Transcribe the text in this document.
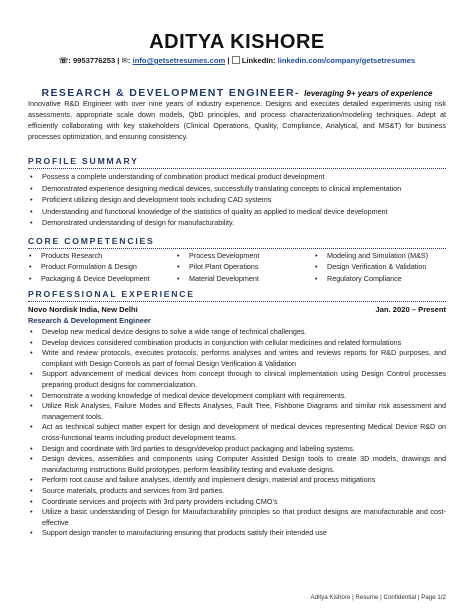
ADITYA KISHORE
☏: 9953776253 | ✉: info@getsetresumes.com | LinkedIn: linkedin.com/company/getsetresumes
RESEARCH & DEVELOPMENT ENGINEER- leveraging 9+ years of experience
Innovative R&D Engineer with over nine years of industry experience. Designs and executes detailed experiments using risk assessments, appropriate scale down models, QbD principles, and process characterization/modeling techniques. Adept at efficiently collaborating with key stakeholders (Clinical Operations, Quality, Compliance, Analytical, and MS&T) for business processes optimization, and ensuring consistency.
PROFILE SUMMARY
• Possess a complete understanding of combination product medical product development
• Demonstrated experience designing medical devices, successfully translating concepts to clinical implementation
• Proficient utilizing design and development tools including CAD systems
• Understanding and functional knowledge of the statistics of quality as applied to medical device development
• Demonstrated understanding of design for manufacturability.
CORE COMPETENCIES
• Products Research
• Product Formulation & Design
• Packaging & Device Development
• Process Development
• Pilot Plant Operations
• Material Development
• Modeling and Simulation (M&S)
• Design Verification & Validation
• Regulatory Compliance
PROFESSIONAL EXPERIENCE
Novo Nordisk India, New Delhi	Jan. 2020 – Present
Research & Development Engineer
• Develop new medical device designs to solve a wide range of technical challenges.
• Develop devices considered combination products in conjunction with cellular medicines and related formulations
• Write and review protocols, executes protocols, performs analyses and writes and reviews reports for R&D purposes, and compliant with Design Controls as part of formal Design Verification & Validation
• Support advancement of medical devices from concept through to clinical implementation using Design Control processes preparing product designs for commercialization.
• Demonstrate a working knowledge of medical device development compliant with requirements.
• Utilize Risk Analyses, Failure Modes and Effects Analyses, Fault Tree, Fishbone Diagrams and similar risk assessment and management tools.
• Act as technical subject matter expert for design and development of medical devices representing Medical Device R&D on cross-functional teams including product development teams.
• Design and coordinate with 3rd parties to design/develop product packaging and labeling systems.
• Design devices, assemblies and components using Computer Assisted Design tools to create 3D models, drawings and manufacturing instructions Build prototypes, perform feasibility testing and evaluate designs.
• Perform root cause and failure analyses, identify and implement design, material and process mitigations
• Source materials, products and services from 3rd parties.
• Coordinate services and projects with 3rd party providers including CMO’s
• Utilize a basic understanding of Design for Manufacturability principles so that product designs are manufacturable and cost-effective
• Support design transfer to manufacturing ensuring that products satisfy their intended use
Aditya Kishore | Resume | Confidential | Page 1/2
